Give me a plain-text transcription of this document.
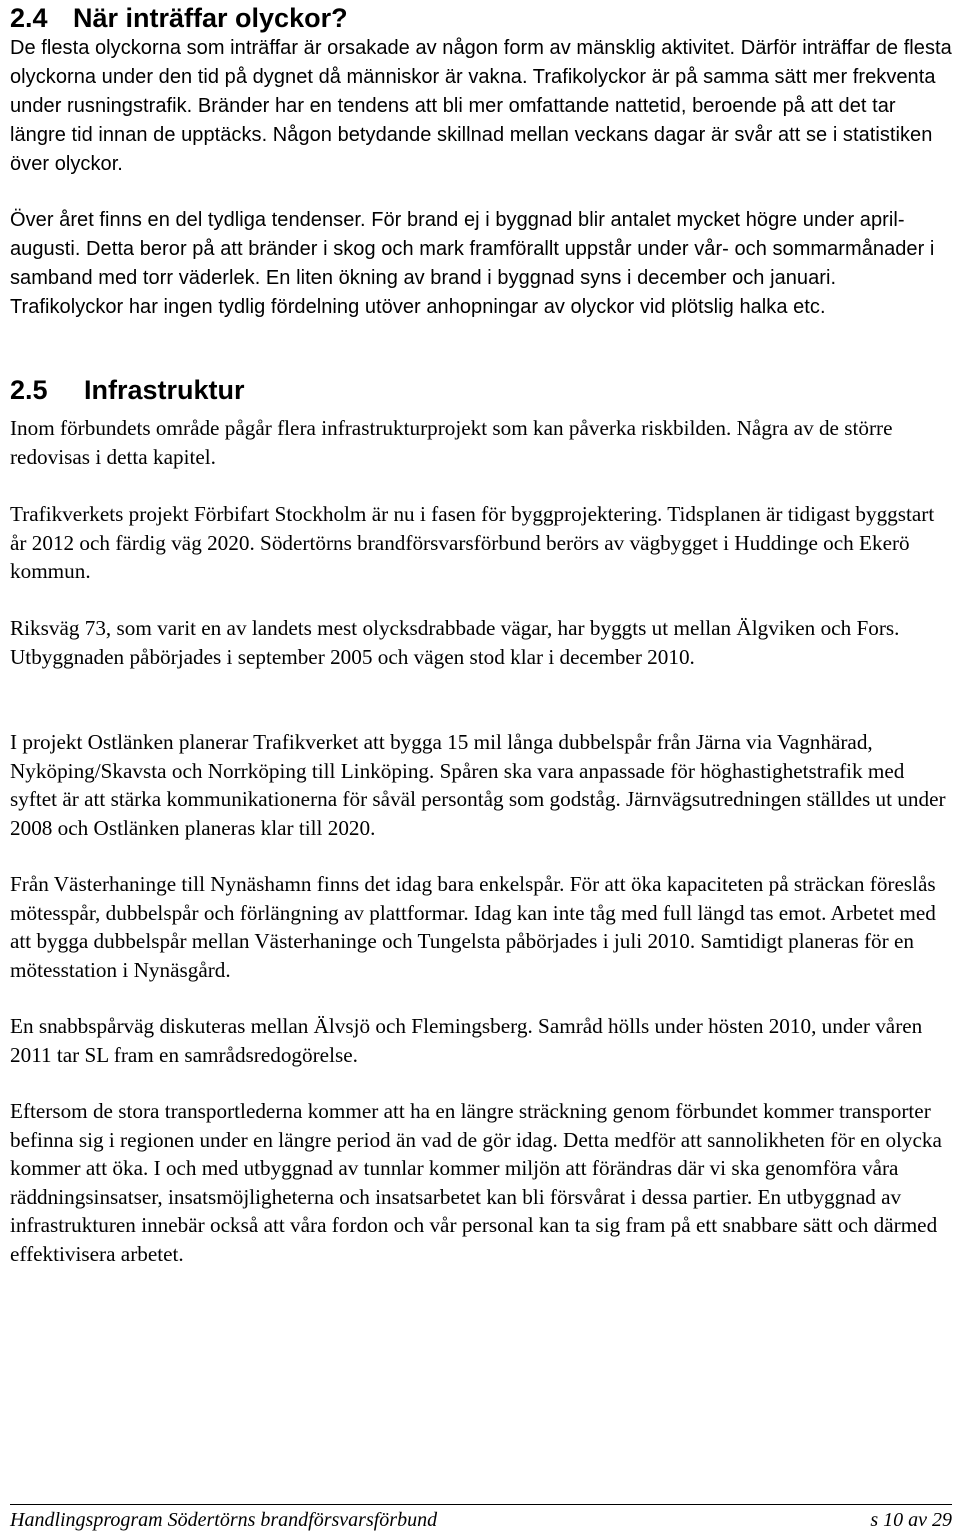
2.4 När inträffar olyckor?

De flesta olyckorna som inträffar är orsakade av någon form av mänsklig aktivitet. Därför inträffar de flesta olyckorna under den tid på dygnet då människor är vakna. Trafikolyckor är på samma sätt mer frekventa under rusningstrafik. Bränder har en tendens att bli mer omfattande nattetid, beroende på att det tar längre tid innan de upptäcks. Någon betydande skillnad mellan veckans dagar är svår att se i statistiken över olyckor.

Över året finns en del tydliga tendenser. För brand ej i byggnad blir antalet mycket högre under april-augusti. Detta beror på att bränder i skog och mark framförallt uppstår under vår- och sommarmånader i samband med torr väderlek. En liten ökning av brand i byggnad syns i december och januari. Trafikolyckor har ingen tydlig fördelning utöver anhopningar av olyckor vid plötslig halka etc.

2.5 Infrastruktur

Inom förbundets område pågår flera infrastrukturprojekt som kan påverka riskbilden. Några av de större redovisas i detta kapitel.

Trafikverkets projekt Förbifart Stockholm är nu i fasen för byggprojektering. Tidsplanen är tidigast byggstart år 2012 och färdig väg 2020. Södertörns brandförsvarsförbund berörs av vägbygget i Huddinge och Ekerö kommun.

Riksväg 73, som varit en av landets mest olycksdrabbade vägar, har byggts ut mellan Älgviken och Fors. Utbyggnaden påbörjades i september 2005 och vägen stod klar i december 2010.

I projekt Ostlänken planerar Trafikverket att bygga 15 mil långa dubbelspår från Järna via Vagnhärad, Nyköping/Skavsta och Norrköping till Linköping. Spåren ska vara anpassade för höghastighetstrafik med syftet är att stärka kommunikationerna för såväl persontåg som godståg. Järnvägsutredningen ställdes ut under 2008 och Ostlänken planeras klar till 2020.

Från Västerhaninge till Nynäshamn finns det idag bara enkelspår. För att öka kapaciteten på sträckan föreslås mötesspår, dubbelspår och förlängning av plattformar. Idag kan inte tåg med full längd tas emot. Arbetet med att bygga dubbelspår mellan Västerhaninge och Tungelsta påbörjades i juli 2010. Samtidigt planeras för en mötesstation i Nynäsgård.

En snabbspårväg diskuteras mellan Älvsjö och Flemingsberg. Samråd hölls under hösten 2010, under våren 2011 tar SL fram en samrådsredogörelse.

Eftersom de stora transportlederna kommer att ha en längre sträckning genom förbundet kommer transporter befinna sig i regionen under en längre period än vad de gör idag. Detta medför att sannolikheten för en olycka kommer att öka. I och med utbyggnad av tunnlar kommer miljön att förändras där vi ska genomföra våra räddningsinsatser, insatsmöjligheterna och insatsarbetet kan bli försvårat i dessa partier. En utbyggnad av infrastrukturen innebär också att våra fordon och vår personal kan ta sig fram på ett snabbare sätt och därmed effektivisera arbetet.

Handlingsprogram Södertörns brandförsvarsförbund	s 10 av 29
